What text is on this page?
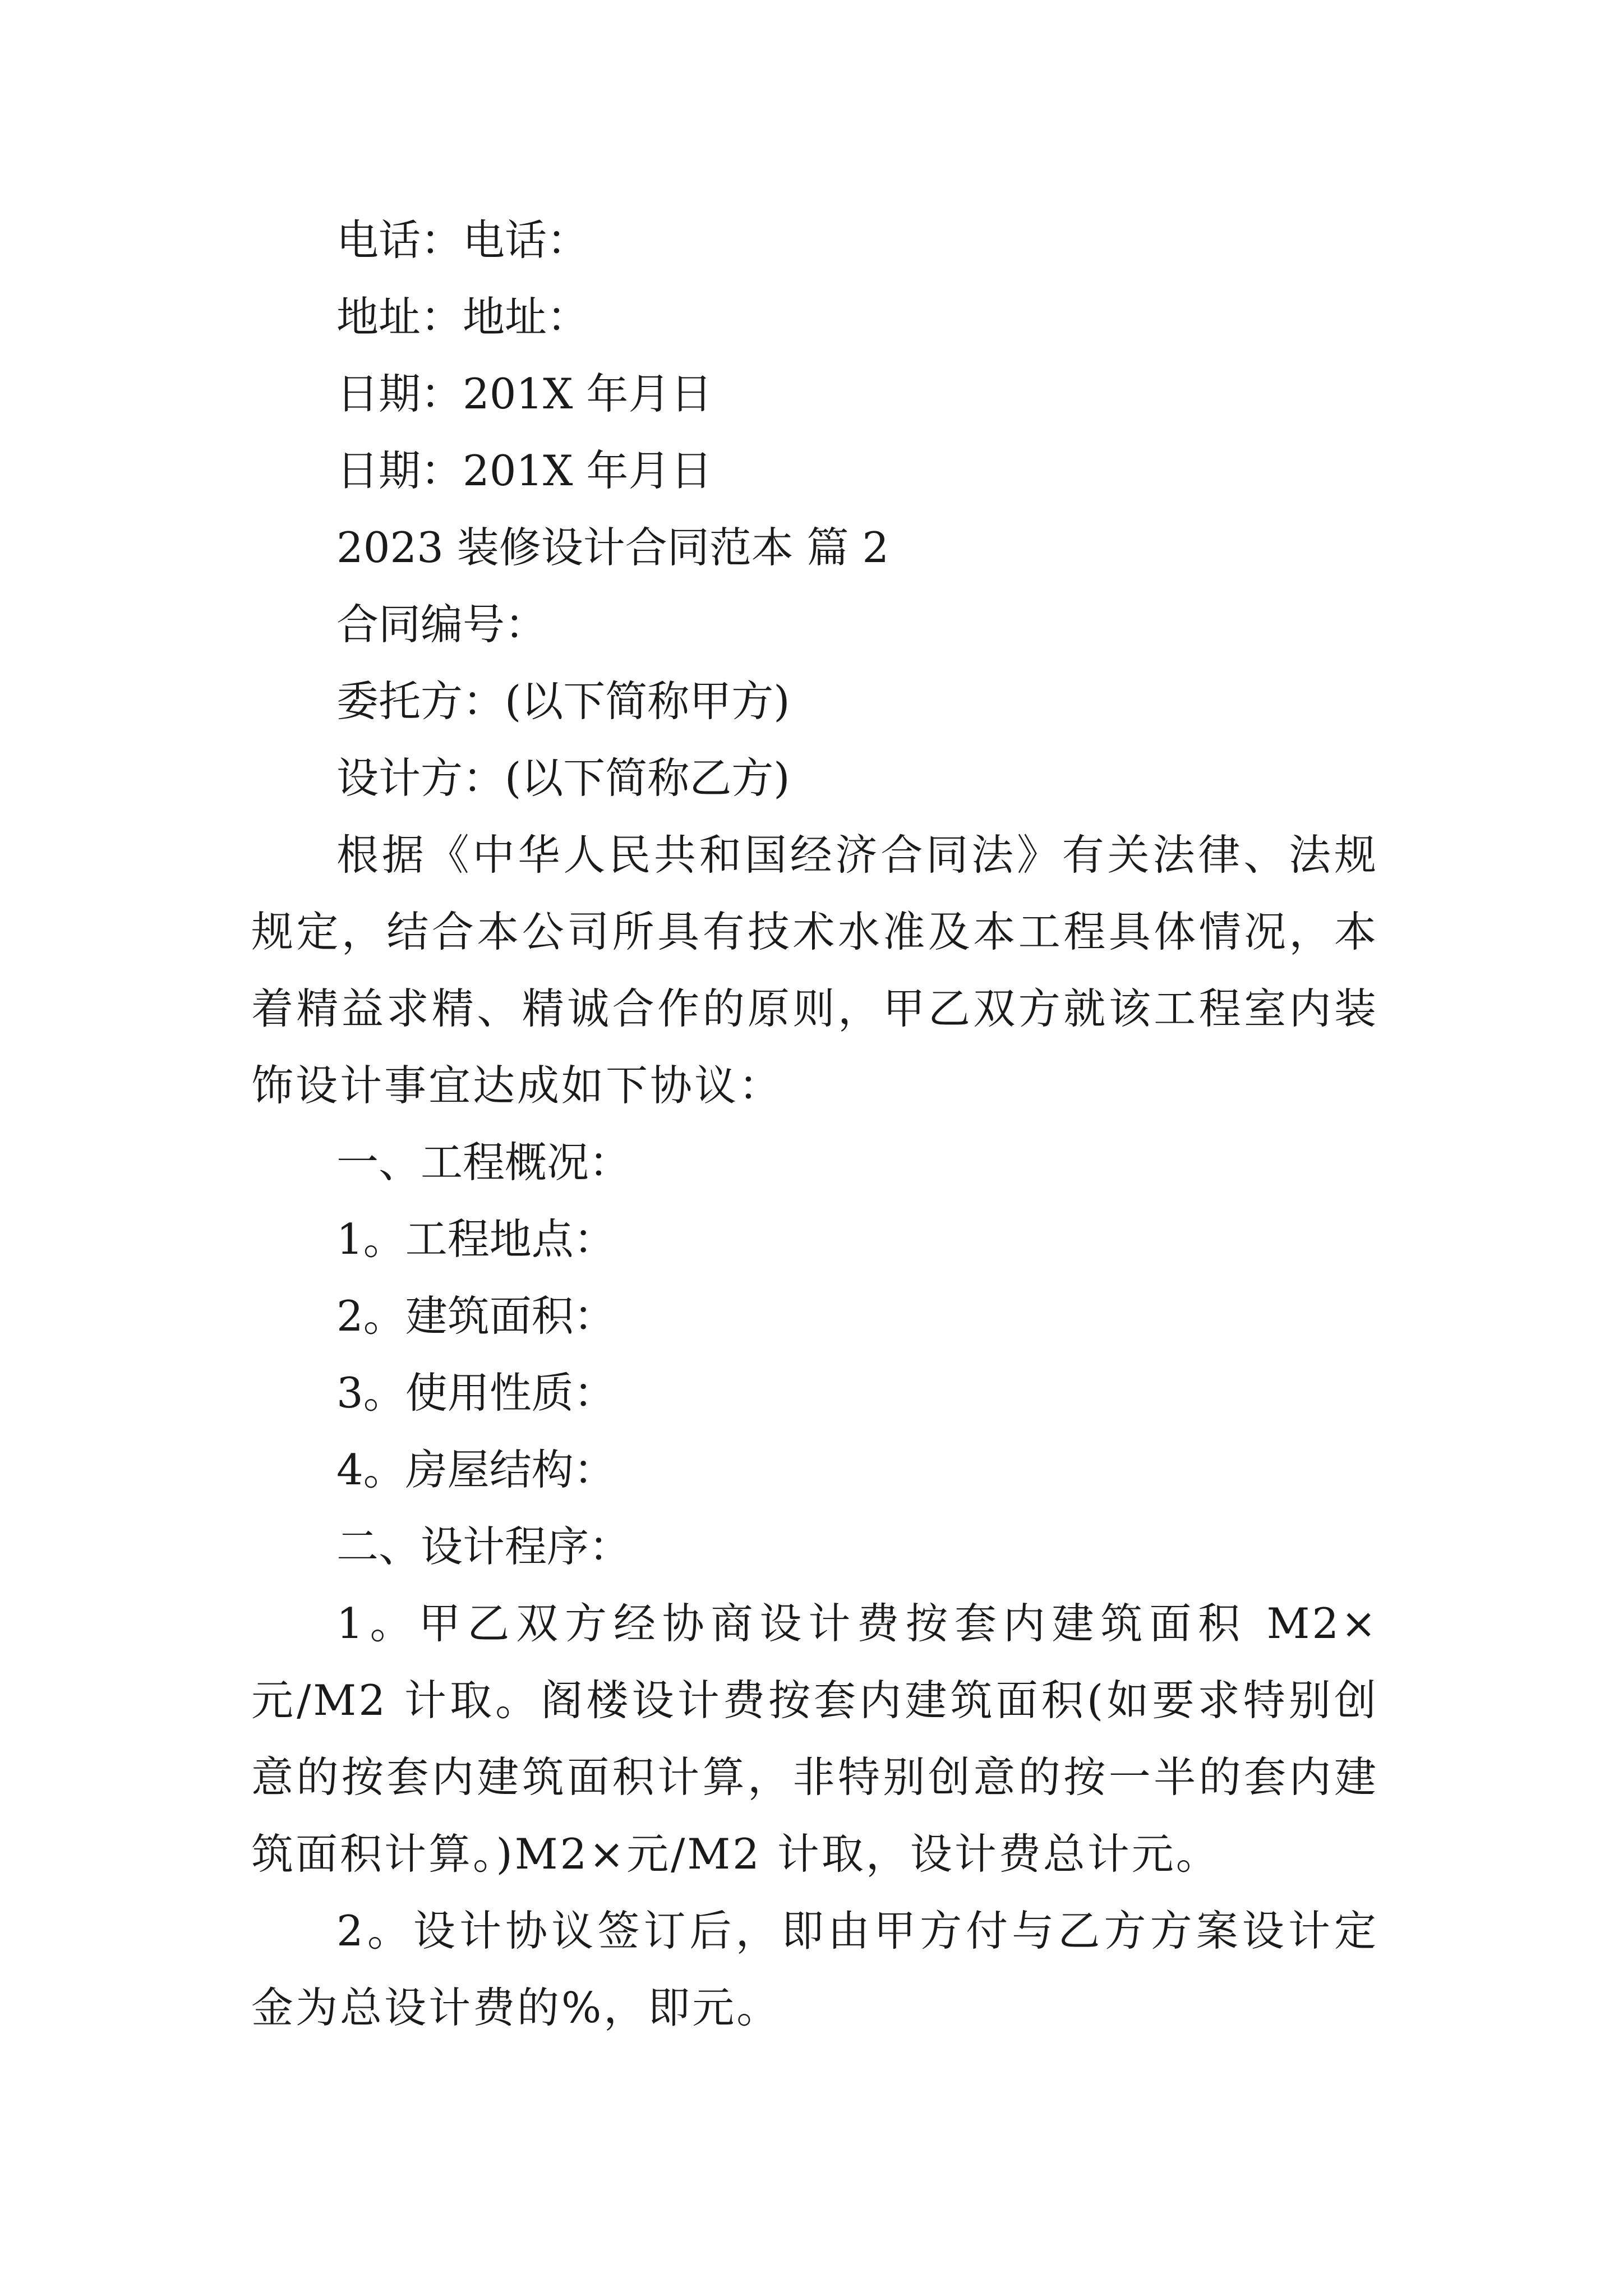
电话：电话：

地址：地址：

日期：201X 年月日

日期：201X 年月日

2023 装修设计合同范本 篇 2

合同编号：

委托方：(以下简称甲方)

设计方：(以下简称乙方)

根据《中华人民共和国经济合同法》有关法律、法规规定，结合本公司所具有技术水准及本工程具体情况，本着精益求精、精诚合作的原则，甲乙双方就该工程室内装饰设计事宜达成如下协议：

一、工程概况：

1。工程地点：

2。建筑面积：

3。使用性质：

4。房屋结构：

二、设计程序：

1。甲乙双方经协商设计费按套内建筑面积 M2×元/M2 计取。阁楼设计费按套内建筑面积(如要求特别创意的按套内建筑面积计算，非特别创意的按一半的套内建筑面积计算。)M2×元/M2 计取，设计费总计元。

2。设计协议签订后，即由甲方付与乙方方案设计定金为总设计费的%，即元。
